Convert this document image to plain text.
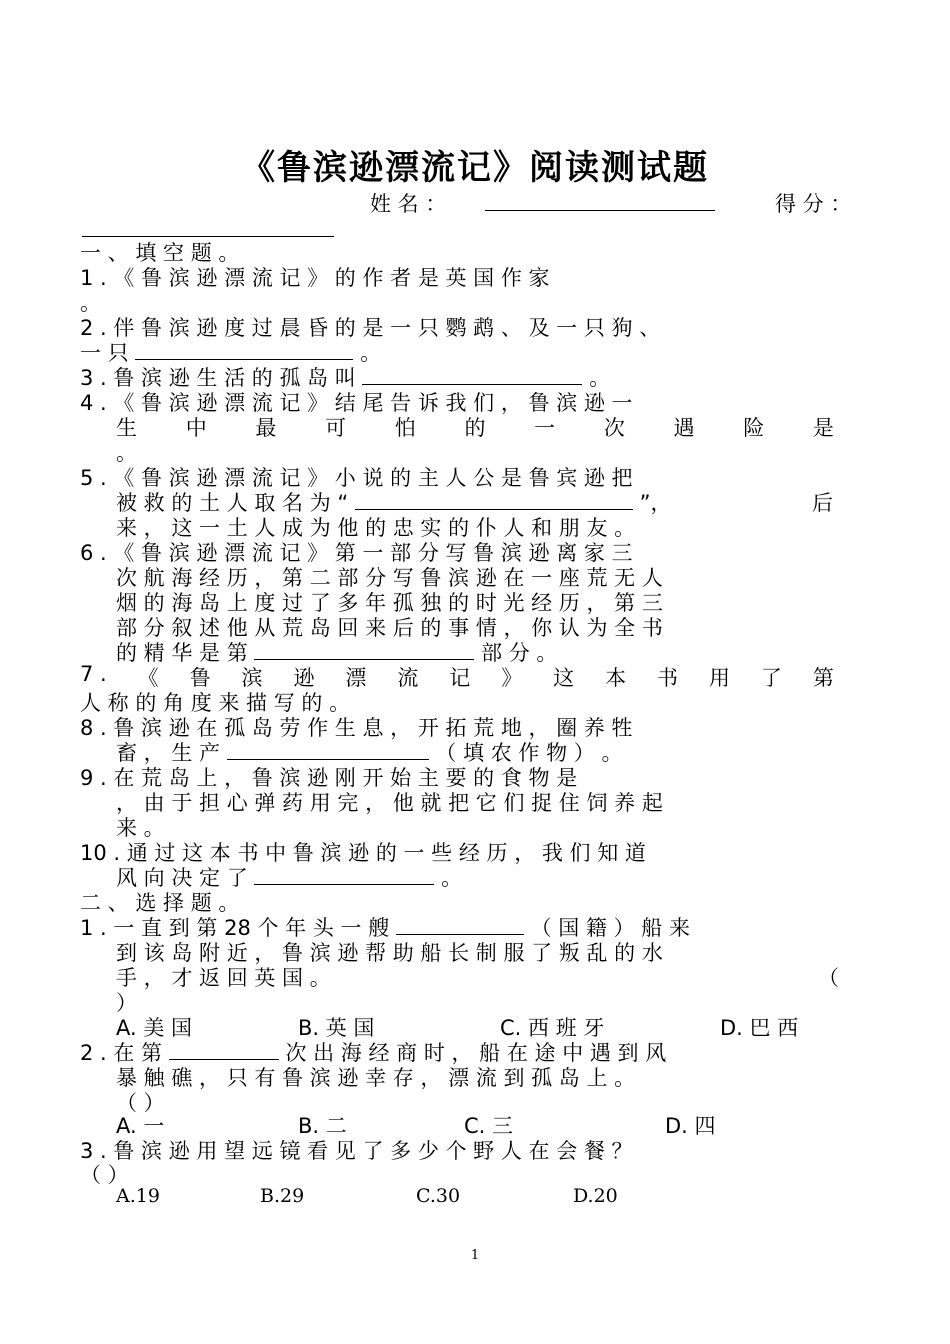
《鲁滨逊漂流记》阅读测试题
姓 名 ：	得 分 ：
一 、 填 空 题 。
1 . 《 鲁 滨 逊 漂 流 记 》 的 作 者 是 英 国 作 家
。
2 . 伴 鲁 滨 逊 度 过 晨 昏 的 是 一 只 鹦 鹉 、 及 一 只 狗 、
一 只	。
3 . 鲁 滨 逊 生 活 的 孤 岛 叫	。
4 . 《 鲁 滨 逊 漂 流 记 》 结 尾 告 诉 我 们 ， 鲁 滨 逊 一
生 中 最 可 怕 的 一 次 遇 险 是
。
5 . 《 鲁 滨 逊 漂 流 记 》 小 说 的 主 人 公 是 鲁 宾 逊 把
被 救 的 土 人 取 名 为 “	”，	后
来 ， 这 一 土 人 成 为 他 的 忠 实 的 仆 人 和 朋 友 。
6 . 《 鲁 滨 逊 漂 流 记 》 第 一 部 分 写 鲁 滨 逊 离 家 三
次 航 海 经 历 ， 第 二 部 分 写 鲁 滨 逊 在 一 座 荒 无 人
烟 的 海 岛 上 度 过 了 多 年 孤 独 的 时 光 经 历 ， 第 三
部 分 叙 述 他 从 荒 岛 回 来 后 的 事 情 ， 你 认 为 全 书
的 精 华 是 第	部 分 。
7 . 《 鲁 滨 逊 漂 流 记 》 这 本 书 用 了 第
人 称 的 角 度 来 描 写 的 。
8 . 鲁 滨 逊 在 孤 岛 劳 作 生 息 ， 开 拓 荒 地 ， 圈 养 牲
畜 ， 生 产	（ 填 农 作 物 ） 。
9 . 在 荒 岛 上 ， 鲁 滨 逊 刚 开 始 主 要 的 食 物 是
， 由 于 担 心 弹 药 用 完 ， 他 就 把 它 们 捉 住 饲 养 起
来 。
10 . 通 过 这 本 书 中 鲁 滨 逊 的 一 些 经 历 ， 我 们 知 道
风 向 决 定 了	。
二 、 选 择 题 。
1 . 一 直 到 第 28 个 年 头 一 艘	（ 国 籍 ） 船 来
到 该 岛 附 近 ， 鲁 滨 逊 帮 助 船 长 制 服 了 叛 乱 的 水
手 ， 才 返 回 英 国 。	（
）
A. 美 国	B. 英 国	C. 西 班 牙	D. 巴 西
2 . 在 第	次 出 海 经 商 时 ， 船 在 途 中 遇 到 风
暴 触 礁 ， 只 有 鲁 滨 逊 幸 存 ， 漂 流 到 孤 岛 上 。
（ ）
A. 一	B. 二	C. 三	D. 四
3 . 鲁 滨 逊 用 望 远 镜 看 见 了 多 少 个 野 人 在 会 餐 ？
（ ）
A.19	B.29	C.30	D.20
1
